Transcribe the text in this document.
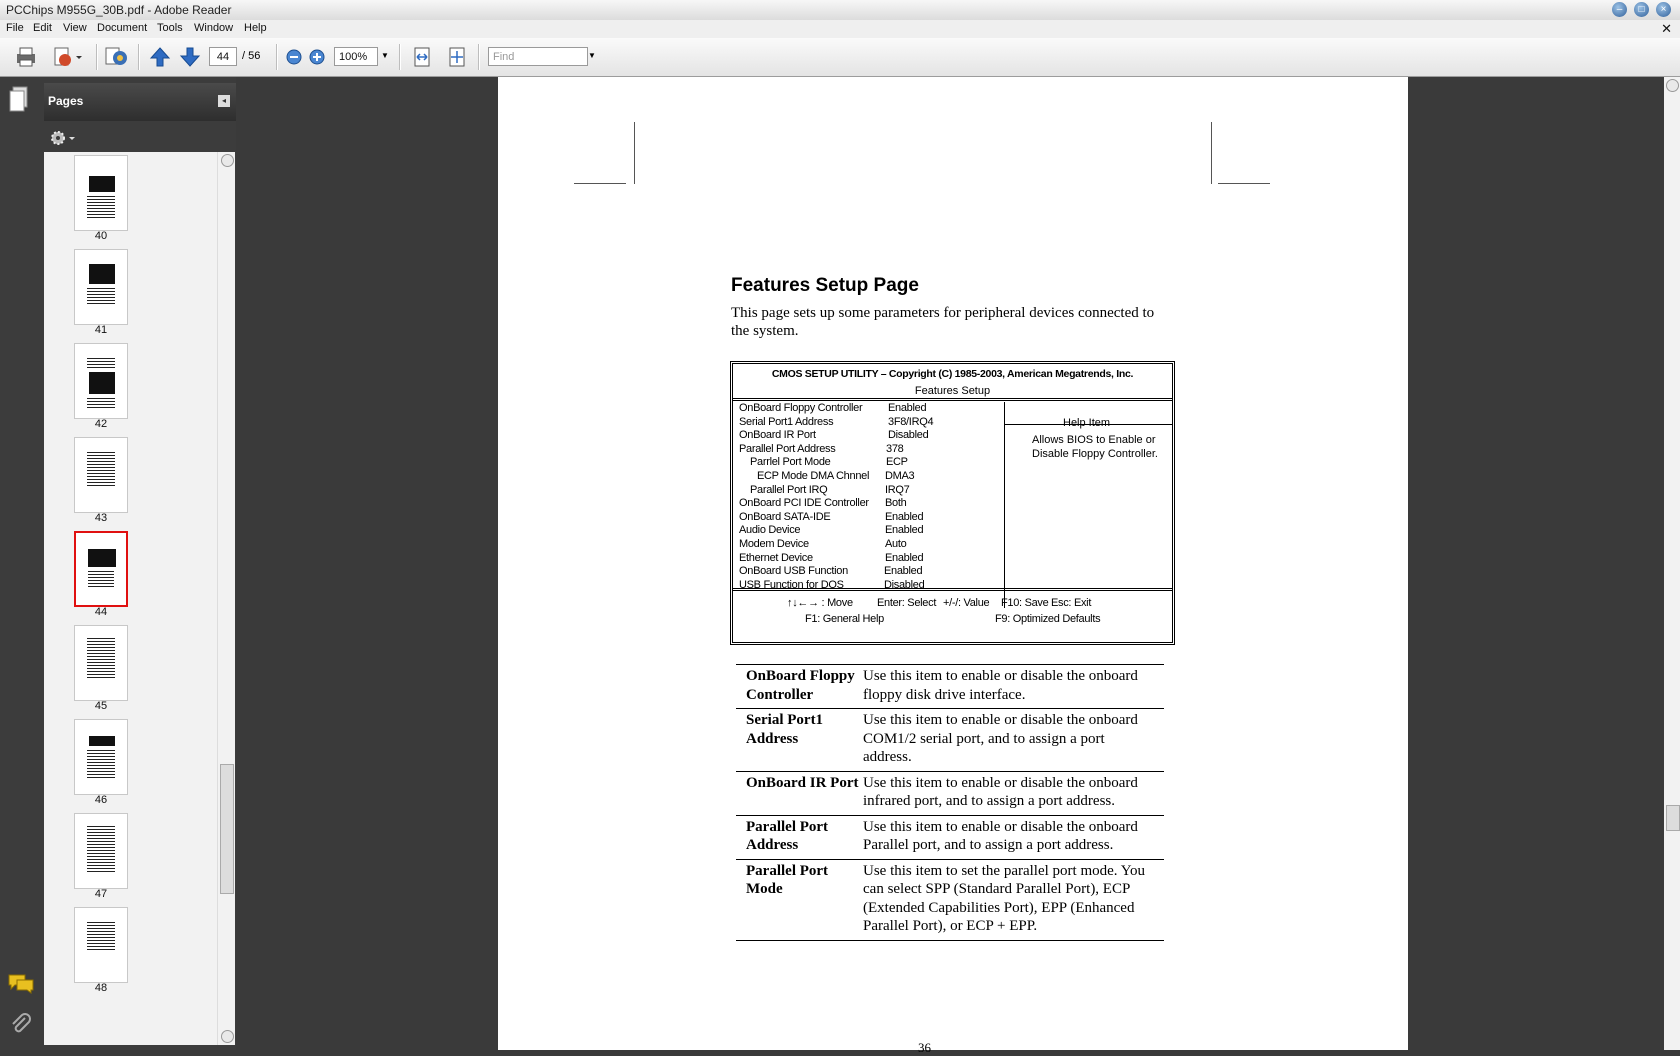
PCChips M955G_30B.pdf - Adobe Reader	–	□	×
File Edit View Document Tools Window Help	✕
44	/ 56	100%	▼	Find	▼
Pages	◂
40
41
42
43
44
45
46
47
48
Features Setup Page
This page sets up some parameters for peripheral devices connected to the system.
CMOS SETUP UTILITY – Copyright (C) 1985-2003, American Megatrends, Inc.
Features Setup
OnBoard Floppy Controller Enabled
Serial Port1 Address	3F8/IRQ4
OnBoard IR Port	Disabled
Parallel Port Address	378
Parrlel Port Mode	ECP
ECP Mode DMA Chnnel DMA3
Parallel Port IRQ	IRQ7
OnBoard PCI IDE Controller Both
OnBoard SATA-IDE	Enabled
Audio Device	Enabled
Modem Device	Auto
Ethernet Device	Enabled
OnBoard USB Function	Enabled
USB Function for DOS	Disabled
Help Item
Allows BIOS to Enable or Disable Floppy Controller.
↑↓←→ : Move Enter: Select +/-/: Value F10: Save Esc: Exit
F1: General Help	F9: Optimized Defaults
OnBoard Floppy Controller
Use this item to enable or disable the onboard floppy disk drive interface.
Serial Port1 Address
Use this item to enable or disable the onboard COM1/2 serial port, and to assign a port address.
OnBoard IR Port Use this item to enable or disable the onboard infrared port, and to assign a port address.
Parallel Port Address
Use this item to enable or disable the onboard Parallel port, and to assign a port address.
Parallel Port Mode
Use this item to set the parallel port mode. You can select SPP (Standard Parallel Port), ECP (Extended Capabilities Port), EPP (Enhanced Parallel Port), or ECP + EPP.
36
